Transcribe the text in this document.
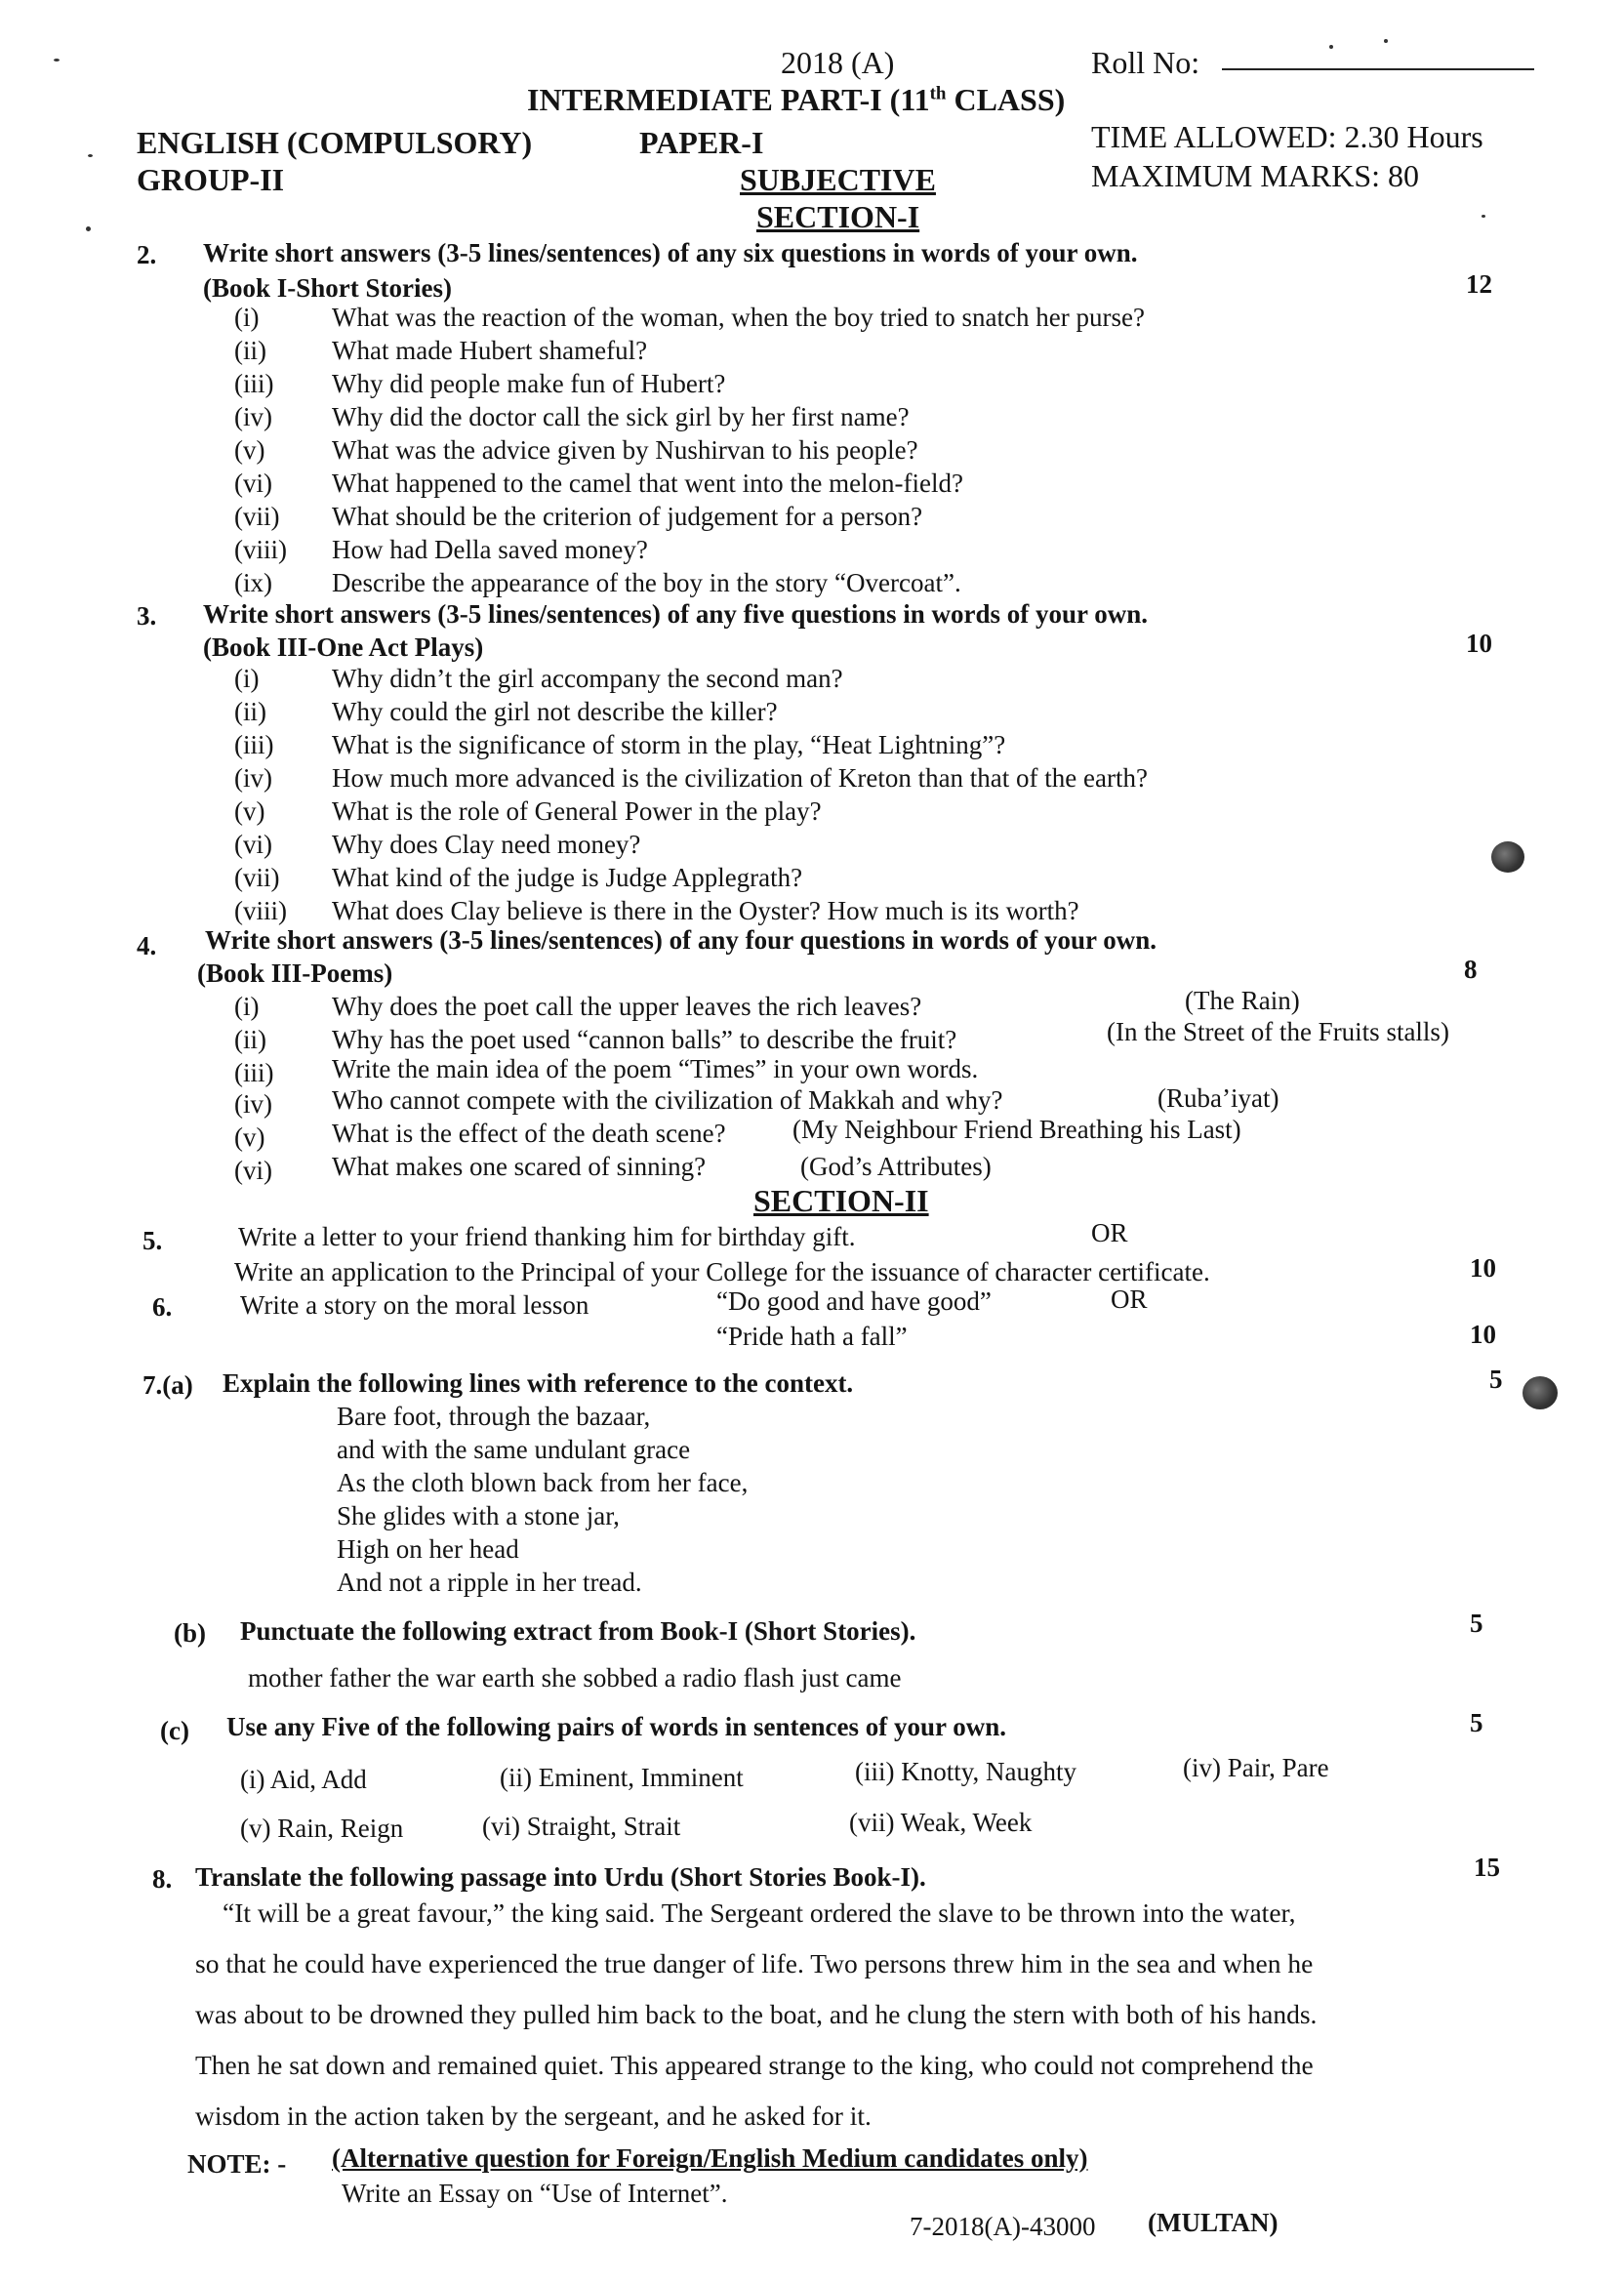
2018 (A)	Roll No:
INTERMEDIATE PART-I (11th CLASS)
ENGLISH (COMPULSORY)	PAPER-I	TIME ALLOWED: 2.30 Hours
GROUP-II	SUBJECTIVE	MAXIMUM MARKS: 80
SECTION-I
2. Write short answers (3-5 lines/sentences) of any six questions in words of your own.
(Book I-Short Stories)	12
(i)	What was the reaction of the woman, when the boy tried to snatch her purse?
(ii) What made Hubert shameful?
(iii) Why did people make fun of Hubert?
(iv) Why did the doctor call the sick girl by her first name?
(v)	What was the advice given by Nushirvan to his people?
(vi) What happened to the camel that went into the melon-field?
(vii) What should be the criterion of judgement for a person?
(viii) How had Della saved money?
(ix) Describe the appearance of the boy in the story “Overcoat”.
3. Write short answers (3-5 lines/sentences) of any five questions in words of your own.
(Book III-One Act Plays)	10
(i)	Why didn’t the girl accompany the second man?
(ii) Why could the girl not describe the killer?
(iii) What is the significance of storm in the play, “Heat Lightning”?
(iv) How much more advanced is the civilization of Kreton than that of the earth?
(v)	What is the role of General Power in the play?
(vi) Why does Clay need money?
(vii) What kind of the judge is Judge Applegrath?
(viii) What does Clay believe is there in the Oyster? How much is its worth?
4. Write short answers (3-5 lines/sentences) of any four questions in words of your own.
(Book III-Poems)	8
(i)	Why does the poet call the upper leaves the rich leaves?	(The Rain)
(ii) Why has the poet used “cannon balls” to describe the fruit?	(In the Street of the Fruits stalls)
(iii) Write the main idea of the poem “Times” in your own words.
(iv) Who cannot compete with the civilization of Makkah and why?	(Ruba’iyat)
(v)	What is the effect of the death scene?	(My Neighbour Friend Breathing his Last)
(vi) What makes one scared of sinning?	(God’s Attributes)
SECTION-II
5.	Write a letter to your friend thanking him for birthday gift.	OR
Write an application to the Principal of your College for the issuance of character certificate.	10
6.	Write a story on the moral lesson	“Do good and have good”	OR
“Pride hath a fall”	10
7.(a) Explain the following lines with reference to the context.	5
Bare foot, through the bazaar,
and with the same undulant grace
As the cloth blown back from her face,
She glides with a stone jar,
High on her head
And not a ripple in her tread.
(b) Punctuate the following extract from Book-I (Short Stories).	5
mother father the war earth she sobbed a radio flash just came
(c) Use any Five of the following pairs of words in sentences of your own.	5
(i) Aid, Add	(ii) Eminent, Imminent	(iii) Knotty, Naughty	(iv) Pair, Pare
(v) Rain, Reign	(vi) Straight, Strait	(vii) Weak, Week
8. Translate the following passage into Urdu (Short Stories Book-I).	15
“It will be a great favour,” the king said. The Sergeant ordered the slave to be thrown into the water,
so that he could have experienced the true danger of life. Two persons threw him in the sea and when he
was about to be drowned they pulled him back to the boat, and he clung the stern with both of his hands.
Then he sat down and remained quiet. This appeared strange to the king, who could not comprehend the
wisdom in the action taken by the sergeant, and he asked for it.
NOTE: - (Alternative question for Foreign/English Medium candidates only)
Write an Essay on “Use of Internet”.
7-2018(A)-43000 (MULTAN)
